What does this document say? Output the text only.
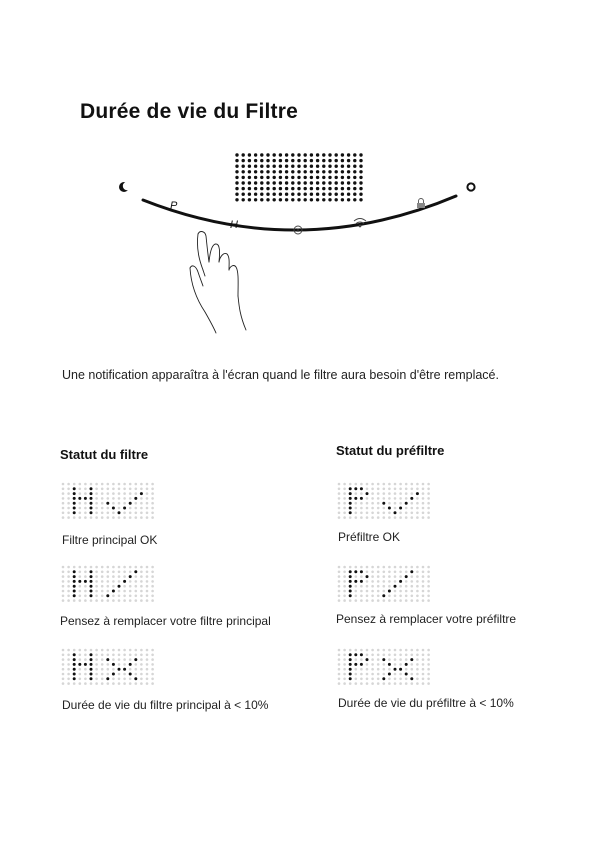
Durée de vie du Filtre
P
H
Une notification apparaîtra à l'écran quand le filtre aura besoin d'être remplacé.
Statut du filtre	Statut du préfiltre
Filtre principal OK
Pensez à remplacer votre filtre principal
Durée de vie du filtre principal à < 10%
Préfiltre OK
Pensez à remplacer votre préfiltre
Durée de vie du préfiltre à < 10%
